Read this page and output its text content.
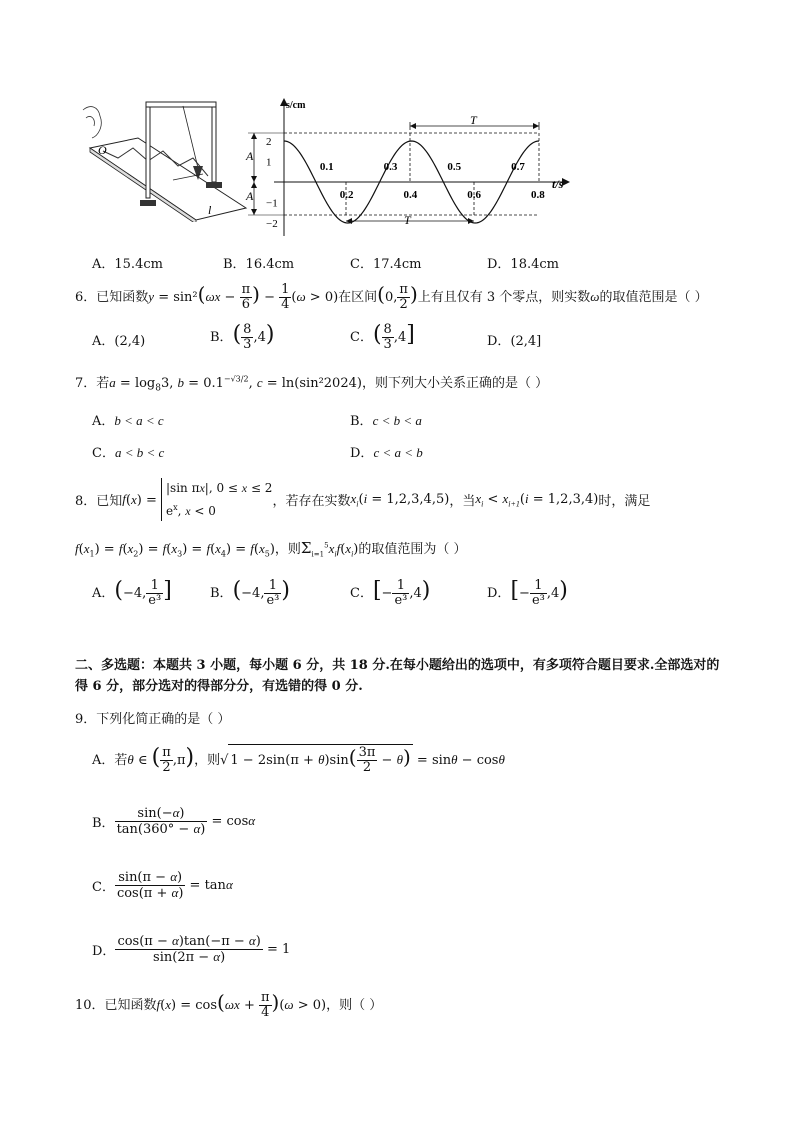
O
l
s/cm
t/s
A
A
T
T
2
1
−1
−2
0.1	0.3	0.5	0.7
0.2	0.4	0.6	0.8
A．15.4cm	B．16.4cm	C．17.4cm	D．18.4cm
6．已知函数$y = \sin^2(\omega x - \frac{\pi}{6}$ ) − $\frac{1}{4} (\omega > 0)$在区间(0, $\frac{\pi}{2}$ )上有且仅有 3 个零点，则实数ω的取值范围是（ ）
A．(2,4)	B．( $\frac{8}{3} ,4$)	C．( $\frac{8}{3} ,4$]	D．(2,4]
7．若$a = \log_83$, $b = 0.1^{-√3/2}$, c = ln(sin²2024)，则下列大小关系正确的是（ ）
A．b < a < c	B．c < b < a
C．a < b < c	D．c < a < b
8．已知f(x) =
|sin πx|, 0 ≤ x ≤ 2
$e^x$, x < 0
，若存在实数$x_i(i = 1,2,3,4,5)$，当$x_i < x_{i+1}(i = 1,2,3,4)$时，满足
$f(x_1) = f(x_2) = f(x_3) = f(x_4) = f(x_5)$，则$\Sigma_{i=1}^5x_if(x_i)$的取值范围为（ ）
A．(−4, $\frac{1}{\text{e³}}$ ]	B．(−4, $\frac{1}{\text{e³}}$ )	C．[− $\frac{1}{\text{e³}} ,4$)	D．[− $\frac{1}{\text{e³}} ,4$)
二、多选题：本题共 3 小题，每小题 6 分，共 18 分.在每小题给出的选项中，有多项符合题目要求.全部选对的得 6 分，部分选对的得部分分，有选错的得 0 分.
9．下列化简正确的是（ ）
A．若θ ∈ ( $\frac{\pi}{2} ,\pi$)，则√ $1 - 2\sin(\pi + \theta)\sin( \frac{3\pi}{2} - \theta) = \sin\theta - \cos\theta$
B． $\frac{\sin(-\alpha)}{\tan(360^\circ - \alpha)} = \cos\alpha$
C． $\frac{\sin(\pi - \alpha)}{\cos(\pi + \alpha)} = \tan\alpha$
D． $\frac{\cos(\pi - \alpha)\tan(-\pi - \alpha)}{\sin(2\pi - \alpha)} = 1$
10．已知函数$f(x) = \cos(\omega x + \frac{\pi}{4} )(\omega > 0)$，则（ ）
